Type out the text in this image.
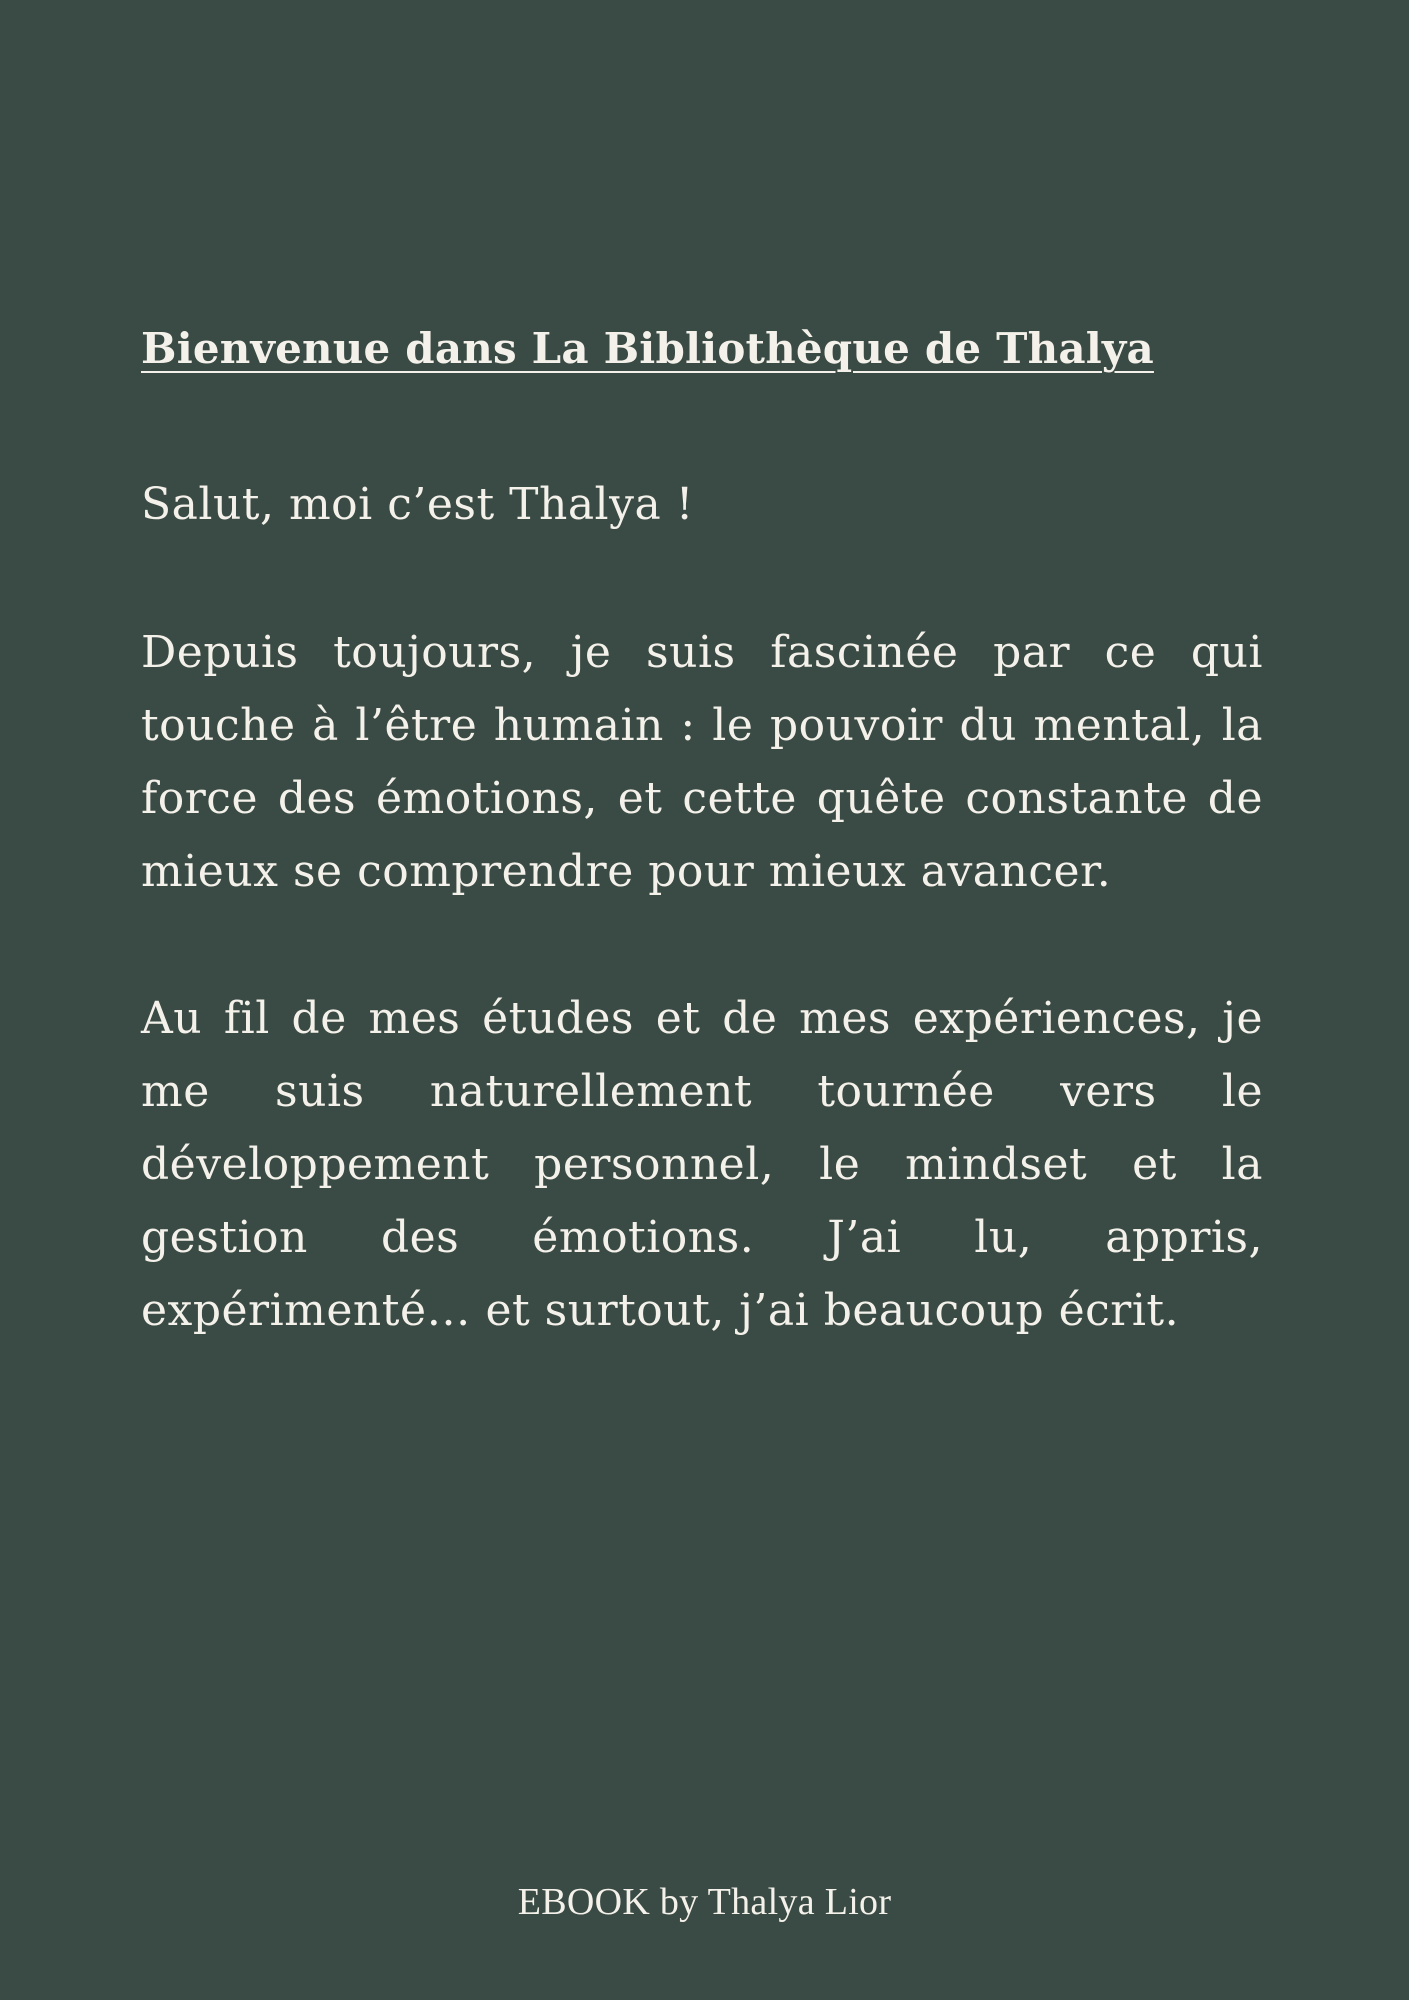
Bienvenue dans La Bibliothèque de Thalya

Salut, moi c’est Thalya !

Depuis toujours, je suis fascinée par ce qui touche à l’être humain : le pouvoir du mental, la force des émotions, et cette quête constante de mieux se comprendre pour mieux avancer.

Au fil de mes études et de mes expériences, je me suis naturellement tournée vers le développement personnel, le mindset et la gestion des émotions. J’ai lu, appris, expérimenté… et surtout, j’ai beaucoup écrit.

EBOOK by Thalya Lior
